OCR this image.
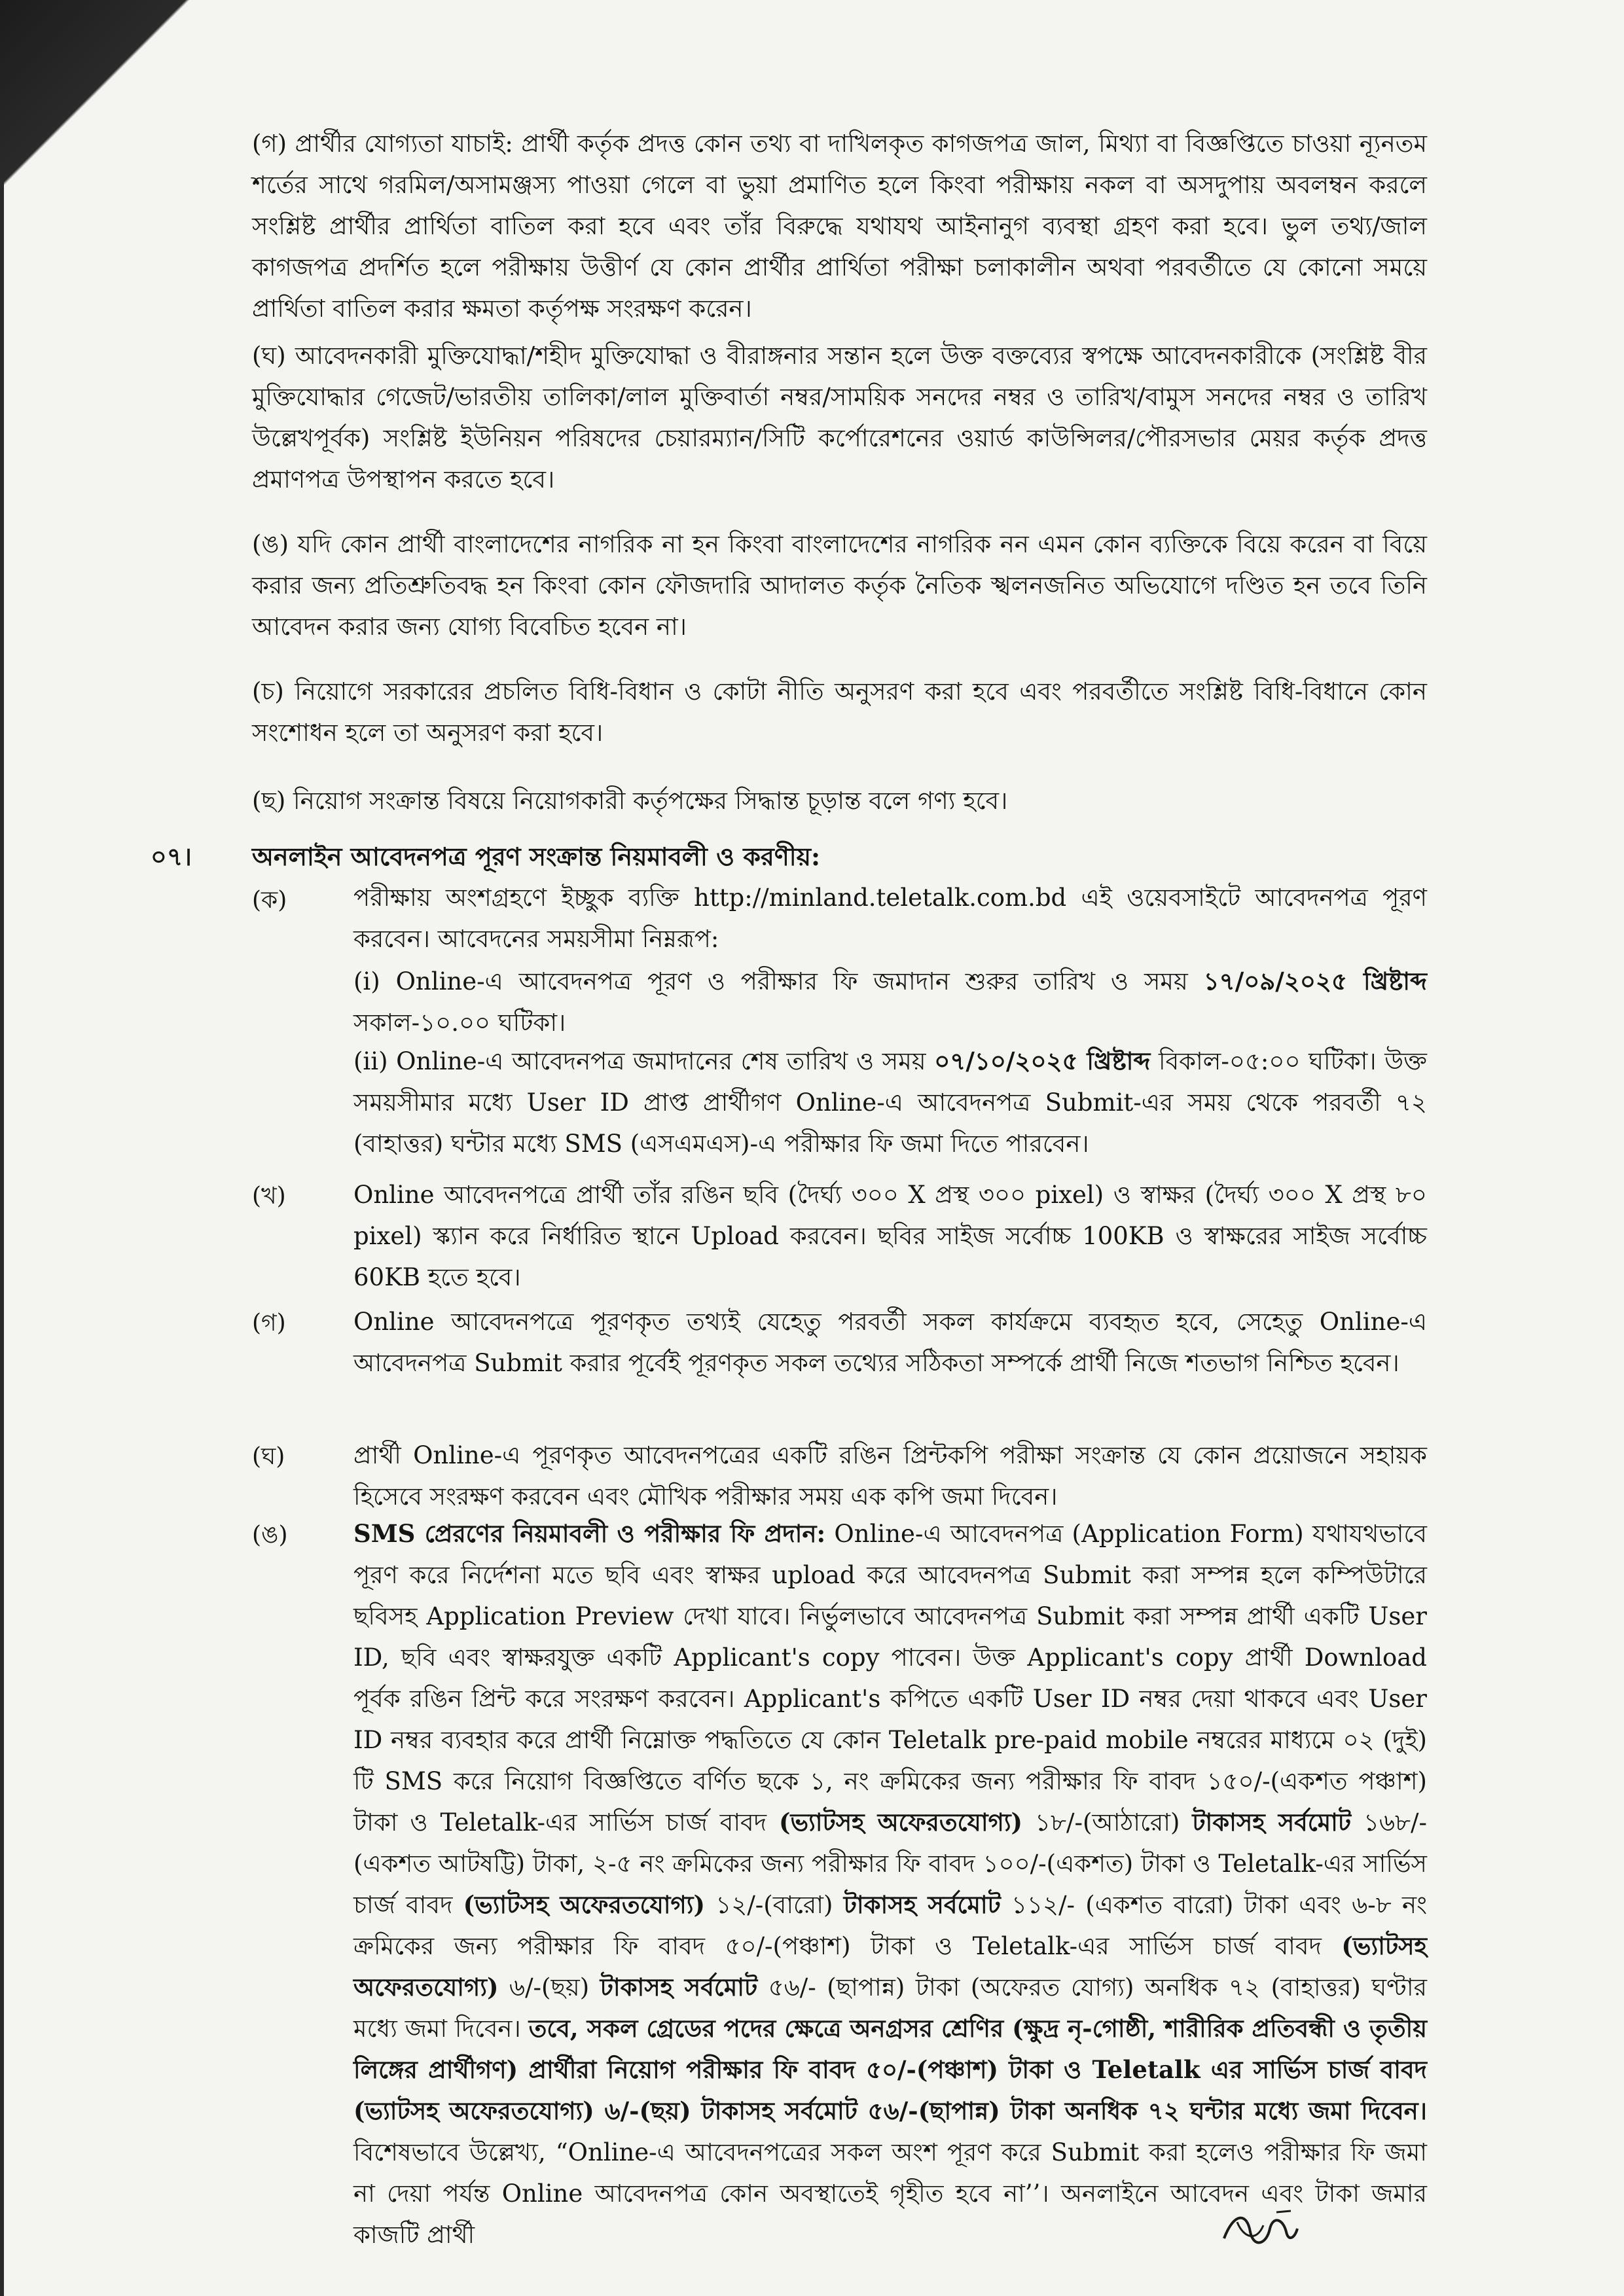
(গ) প্রার্থীর যোগ্যতা যাচাই: প্রার্থী কর্তৃক প্রদত্ত কোন তথ্য বা দাখিলকৃত কাগজপত্র জাল, মিথ্যা বা বিজ্ঞপ্তিতে চাওয়া ন্যূনতম শর্তের সাথে গরমিল/অসামঞ্জস্য পাওয়া গেলে বা ভুয়া প্রমাণিত হলে কিংবা পরীক্ষায় নকল বা অসদুপায় অবলম্বন করলে সংশ্লিষ্ট প্রার্থীর প্রার্থিতা বাতিল করা হবে এবং তাঁর বিরুদ্ধে যথাযথ আইনানুগ ব্যবস্থা গ্রহণ করা হবে। ভুল তথ্য/জাল কাগজপত্র প্রদর্শিত হলে পরীক্ষায় উত্তীর্ণ যে কোন প্রার্থীর প্রার্থিতা পরীক্ষা চলাকালীন অথবা পরবর্তীতে যে কোনো সময়ে প্রার্থিতা বাতিল করার ক্ষমতা কর্তৃপক্ষ সংরক্ষণ করেন।

(ঘ) আবেদনকারী মুক্তিযোদ্ধা/শহীদ মুক্তিযোদ্ধা ও বীরাঙ্গনার সন্তান হলে উক্ত বক্তব্যের স্বপক্ষে আবেদনকারীকে (সংশ্লিষ্ট বীর মুক্তিযোদ্ধার গেজেট/ভারতীয় তালিকা/লাল মুক্তিবার্তা নম্বর/সাময়িক সনদের নম্বর ও তারিখ/বামুস সনদের নম্বর ও তারিখ উল্লেখপূর্বক) সংশ্লিষ্ট ইউনিয়ন পরিষদের চেয়ারম্যান/সিটি কর্পোরেশনের ওয়ার্ড কাউন্সিলর/পৌরসভার মেয়র কর্তৃক প্রদত্ত প্রমাণপত্র উপস্থাপন করতে হবে।

(ঙ) যদি কোন প্রার্থী বাংলাদেশের নাগরিক না হন কিংবা বাংলাদেশের নাগরিক নন এমন কোন ব্যক্তিকে বিয়ে করেন বা বিয়ে করার জন্য প্রতিশ্রুতিবদ্ধ হন কিংবা কোন ফৌজদারি আদালত কর্তৃক নৈতিক স্খলনজনিত অভিযোগে দণ্ডিত হন তবে তিনি আবেদন করার জন্য যোগ্য বিবেচিত হবেন না।

(চ) নিয়োগে সরকারের প্রচলিত বিধি-বিধান ও কোটা নীতি অনুসরণ করা হবে এবং পরবর্তীতে সংশ্লিষ্ট বিধি-বিধানে কোন সংশোধন হলে তা অনুসরণ করা হবে।

(ছ) নিয়োগ সংক্রান্ত বিষয়ে নিয়োগকারী কর্তৃপক্ষের সিদ্ধান্ত চূড়ান্ত বলে গণ্য হবে।

০৭। অনলাইন আবেদনপত্র পূরণ সংক্রান্ত নিয়মাবলী ও করণীয়:
(ক)	পরীক্ষায় অংশগ্রহণে ইচ্ছুক ব্যক্তি http://minland.teletalk.com.bd এই ওয়েবসাইটে আবেদনপত্র পূরণ করবেন। আবেদনের সময়সীমা নিম্নরূপ:

(i) Online-এ আবেদনপত্র পূরণ ও পরীক্ষার ফি জমাদান শুরুর তারিখ ও সময় ১৭/০৯/২০২৫ খ্রিষ্টাব্দ সকাল-১০.০০ ঘটিকা।

(ii) Online-এ আবেদনপত্র জমাদানের শেষ তারিখ ও সময় ০৭/১০/২০২৫ খ্রিষ্টাব্দ বিকাল-০৫:০০ ঘটিকা। উক্ত সময়সীমার মধ্যে User ID প্রাপ্ত প্রার্থীগণ Online-এ আবেদনপত্র Submit-এর সময় থেকে পরবর্তী ৭২ (বাহাত্তর) ঘন্টার মধ্যে SMS (এসএমএস)-এ পরীক্ষার ফি জমা দিতে পারবেন।

(খ)	Online আবেদনপত্রে প্রার্থী তাঁর রঙিন ছবি (দৈর্ঘ্য ৩০০ X প্রস্থ ৩০০ pixel) ও স্বাক্ষর (দৈর্ঘ্য ৩০০ X প্রস্থ ৮০ pixel) স্ক্যান করে নির্ধারিত স্থানে Upload করবেন। ছবির সাইজ সর্বোচ্চ 100KB ও স্বাক্ষরের সাইজ সর্বোচ্চ 60KB হতে হবে।

(গ)	Online আবেদনপত্রে পূরণকৃত তথ্যই যেহেতু পরবর্তী সকল কার্যক্রমে ব্যবহৃত হবে, সেহেতু Online-এ আবেদনপত্র Submit করার পূর্বেই পূরণকৃত সকল তথ্যের সঠিকতা সম্পর্কে প্রার্থী নিজে শতভাগ নিশ্চিত হবেন।

(ঘ)	প্রার্থী Online-এ পূরণকৃত আবেদনপত্রের একটি রঙিন প্রিন্টকপি পরীক্ষা সংক্রান্ত যে কোন প্রয়োজনে সহায়ক হিসেবে সংরক্ষণ করবেন এবং মৌখিক পরীক্ষার সময় এক কপি জমা দিবেন।

(ঙ)	SMS প্রেরণের নিয়মাবলী ও পরীক্ষার ফি প্রদান: Online-এ আবেদনপত্র (Application Form) যথাযথভাবে পূরণ করে নির্দেশনা মতে ছবি এবং স্বাক্ষর upload করে আবেদনপত্র Submit করা সম্পন্ন হলে কম্পিউটারে ছবিসহ Application Preview দেখা যাবে। নির্ভুলভাবে আবেদনপত্র Submit করা সম্পন্ন প্রার্থী একটি User ID, ছবি এবং স্বাক্ষরযুক্ত একটি Applicant's copy পাবেন। উক্ত Applicant's copy প্রার্থী Download পূর্বক রঙিন প্রিন্ট করে সংরক্ষণ করবেন। Applicant's কপিতে একটি User ID নম্বর দেয়া থাকবে এবং User ID নম্বর ব্যবহার করে প্রার্থী নিম্নোক্ত পদ্ধতিতে যে কোন Teletalk pre-paid mobile নম্বরের মাধ্যমে ০২ (দুই) টি SMS করে নিয়োগ বিজ্ঞপ্তিতে বর্ণিত ছকে ১, নং ক্রমিকের জন্য পরীক্ষার ফি বাবদ ১৫০/-(একশত পঞ্চাশ) টাকা ও Teletalk-এর সার্ভিস চার্জ বাবদ (ভ্যাটসহ অফেরতযোগ্য) ১৮/-(আঠারো) টাকাসহ সর্বমোট ১৬৮/- (একশত আটষট্টি) টাকা, ২-৫ নং ক্রমিকের জন্য পরীক্ষার ফি বাবদ ১০০/-(একশত) টাকা ও Teletalk-এর সার্ভিস চার্জ বাবদ (ভ্যাটসহ অফেরতযোগ্য) ১২/-(বারো) টাকাসহ সর্বমোট ১১২/- (একশত বারো) টাকা এবং ৬-৮ নং ক্রমিকের জন্য পরীক্ষার ফি বাবদ ৫০/-(পঞ্চাশ) টাকা ও Teletalk-এর সার্ভিস চার্জ বাবদ (ভ্যাটসহ অফেরতযোগ্য) ৬/-(ছয়) টাকাসহ সর্বমোট ৫৬/- (ছাপান্ন) টাকা (অফেরত যোগ্য) অনধিক ৭২ (বাহাত্তর) ঘণ্টার মধ্যে জমা দিবেন। তবে, সকল গ্রেডের পদের ক্ষেত্রে অনগ্রসর শ্রেণির (ক্ষুদ্র নৃ-গোষ্ঠী, শারীরিক প্রতিবন্ধী ও তৃতীয় লিঙ্গের প্রার্থীগণ) প্রার্থীরা নিয়োগ পরীক্ষার ফি বাবদ ৫০/-(পঞ্চাশ) টাকা ও Teletalk এর সার্ভিস চার্জ বাবদ (ভ্যাটসহ অফেরতযোগ্য) ৬/-(ছয়) টাকাসহ সর্বমোট ৫৬/-(ছাপান্ন) টাকা অনধিক ৭২ ঘন্টার মধ্যে জমা দিবেন। বিশেষভাবে উল্লেখ্য, “Online-এ আবেদনপত্রের সকল অংশ পূরণ করে Submit করা হলেও পরীক্ষার ফি জমা না দেয়া পর্যন্ত Online আবেদনপত্র কোন অবস্থাতেই গৃহীত হবে না’’। অনলাইনে আবেদন এবং টাকা জমার কাজটি প্রার্থী
